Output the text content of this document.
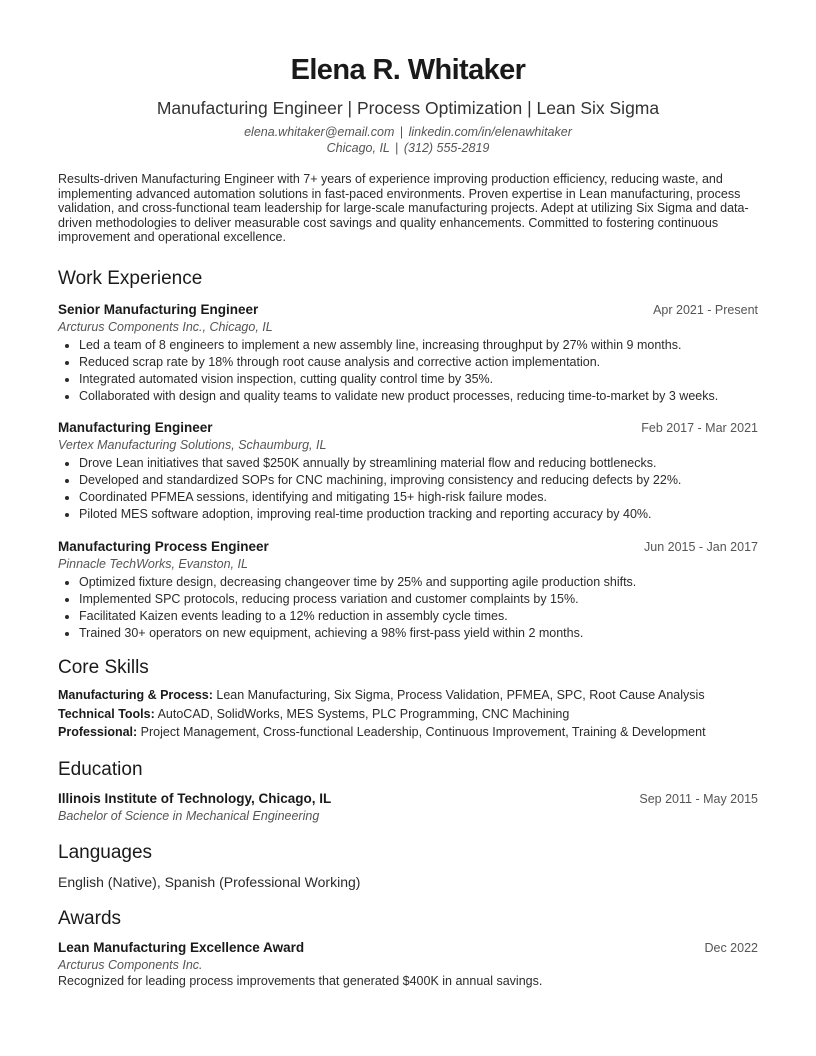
Elena R. Whitaker
Manufacturing Engineer | Process Optimization | Lean Six Sigma
elena.whitaker@email.com | linkedin.com/in/elenawhitaker
Chicago, IL | (312) 555-2819
Results-driven Manufacturing Engineer with 7+ years of experience improving production efficiency, reducing waste, and implementing advanced automation solutions in fast-paced environments. Proven expertise in Lean manufacturing, process validation, and cross-functional team leadership for large-scale manufacturing projects. Adept at utilizing Six Sigma and data-driven methodologies to deliver measurable cost savings and quality enhancements. Committed to fostering continuous improvement and operational excellence.
Work Experience
Senior Manufacturing Engineer	Apr 2021 - Present
Arcturus Components Inc., Chicago, IL
• Led a team of 8 engineers to implement a new assembly line, increasing throughput by 27% within 9 months.
• Reduced scrap rate by 18% through root cause analysis and corrective action implementation.
• Integrated automated vision inspection, cutting quality control time by 35%.
• Collaborated with design and quality teams to validate new product processes, reducing time-to-market by 3 weeks.
Manufacturing Engineer	Feb 2017 - Mar 2021
Vertex Manufacturing Solutions, Schaumburg, IL
• Drove Lean initiatives that saved $250K annually by streamlining material flow and reducing bottlenecks.
• Developed and standardized SOPs for CNC machining, improving consistency and reducing defects by 22%.
• Coordinated PFMEA sessions, identifying and mitigating 15+ high-risk failure modes.
• Piloted MES software adoption, improving real-time production tracking and reporting accuracy by 40%.
Manufacturing Process Engineer	Jun 2015 - Jan 2017
Pinnacle TechWorks, Evanston, IL
• Optimized fixture design, decreasing changeover time by 25% and supporting agile production shifts.
• Implemented SPC protocols, reducing process variation and customer complaints by 15%.
• Facilitated Kaizen events leading to a 12% reduction in assembly cycle times.
• Trained 30+ operators on new equipment, achieving a 98% first-pass yield within 2 months.
Core Skills
Manufacturing & Process: Lean Manufacturing, Six Sigma, Process Validation, PFMEA, SPC, Root Cause Analysis
Technical Tools: AutoCAD, SolidWorks, MES Systems, PLC Programming, CNC Machining
Professional: Project Management, Cross-functional Leadership, Continuous Improvement, Training & Development
Education
Illinois Institute of Technology, Chicago, IL	Sep 2011 - May 2015
Bachelor of Science in Mechanical Engineering
Languages
English (Native), Spanish (Professional Working)
Awards
Lean Manufacturing Excellence Award	Dec 2022
Arcturus Components Inc.
Recognized for leading process improvements that generated $400K in annual savings.
